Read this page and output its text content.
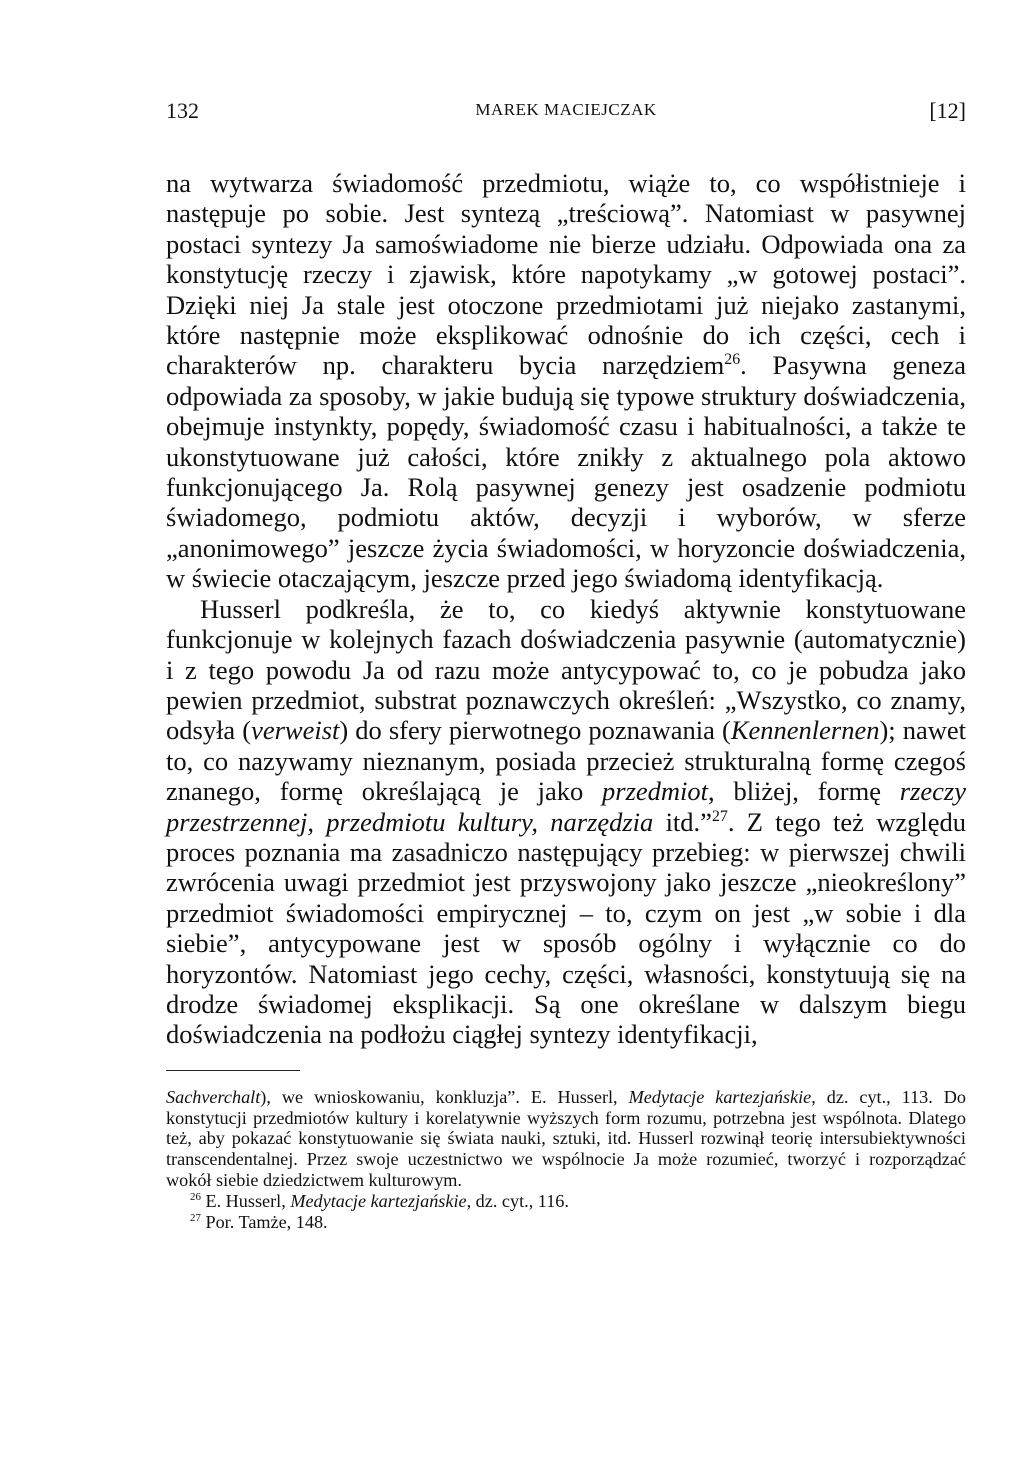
132	MAREK MACIEJCZAK	[12]

na wytwarza świadomość przedmiotu, wiąże to, co współistnieje i następuje po sobie. Jest syntezą „treściową”. Natomiast w pasywnej postaci syntezy Ja samoświadome nie bierze udziału. Odpowiada ona za konstytucję rzeczy i zjawisk, które napotykamy „w gotowej postaci”. Dzięki niej Ja stale jest otoczone przedmiotami już niejako zastanymi, które następnie może eksplikować odnośnie do ich części, cech i charakterów np. charakteru bycia narzędziem$^{26}$. Pasywna geneza odpowiada za sposoby, w jakie budują się typowe struktury doświadczenia, obejmuje instynkty, popędy, świadomość czasu i habitualności, a także te ukonstytuowane już całości, które znikły z aktualnego pola aktowo funkcjonującego Ja. Rolą pasywnej genezy jest osadzenie podmiotu świadomego, podmiotu aktów, decyzji i wyborów, w sferze „anonimowego” jeszcze życia świadomości, w horyzoncie doświadczenia, w świecie otaczającym, jeszcze przed jego świadomą identyfikacją.

Husserl podkreśla, że to, co kiedyś aktywnie konstytuowane funkcjonuje w kolejnych fazach doświadczenia pasywnie (automatycznie) i z tego powodu Ja od razu może antycypować to, co je pobudza jako pewien przedmiot, substrat poznawczych określeń: „Wszystko, co znamy, odsyła (verweist) do sfery pierwotnego poznawania (Kennenlernen); nawet to, co nazywamy nieznanym, posiada przecież strukturalną formę czegoś znanego, formę określającą je jako przedmiot, bliżej, formę rzeczy przestrzennej, przedmiotu kultury, narzędzia itd.”$^{27}$. Z tego też względu proces poznania ma zasadniczo następujący przebieg: w pierwszej chwili zwrócenia uwagi przedmiot jest przyswojony jako jeszcze „nieokreślony” przedmiot świadomości empirycznej – to, czym on jest „w sobie i dla siebie”, antycypowane jest w sposób ogólny i wyłącznie co do horyzontów. Natomiast jego cechy, części, własności, konstytuują się na drodze świadomej eksplikacji. Są one określane w dalszym biegu doświadczenia na podłożu ciągłej syntezy identyfikacji,

Sachverchalt), we wnioskowaniu, konkluzja”. E. Husserl, Medytacje kartezjańskie, dz. cyt., 113. Do konstytucji przedmiotów kultury i korelatywnie wyższych form rozumu, potrzebna jest wspólnota. Dlatego też, aby pokazać konstytuowanie się świata nauki, sztuki, itd. Husserl rozwinął teorię intersubiektywności transcendentalnej. Przez swoje uczestnictwo we wspólnocie Ja może rozumieć, tworzyć i rozporządzać wokół siebie dziedzictwem kulturowym.

$^{26}$ E. Husserl, Medytacje kartezjańskie, dz. cyt., 116.

$^{27}$ Por. Tamże, 148.
